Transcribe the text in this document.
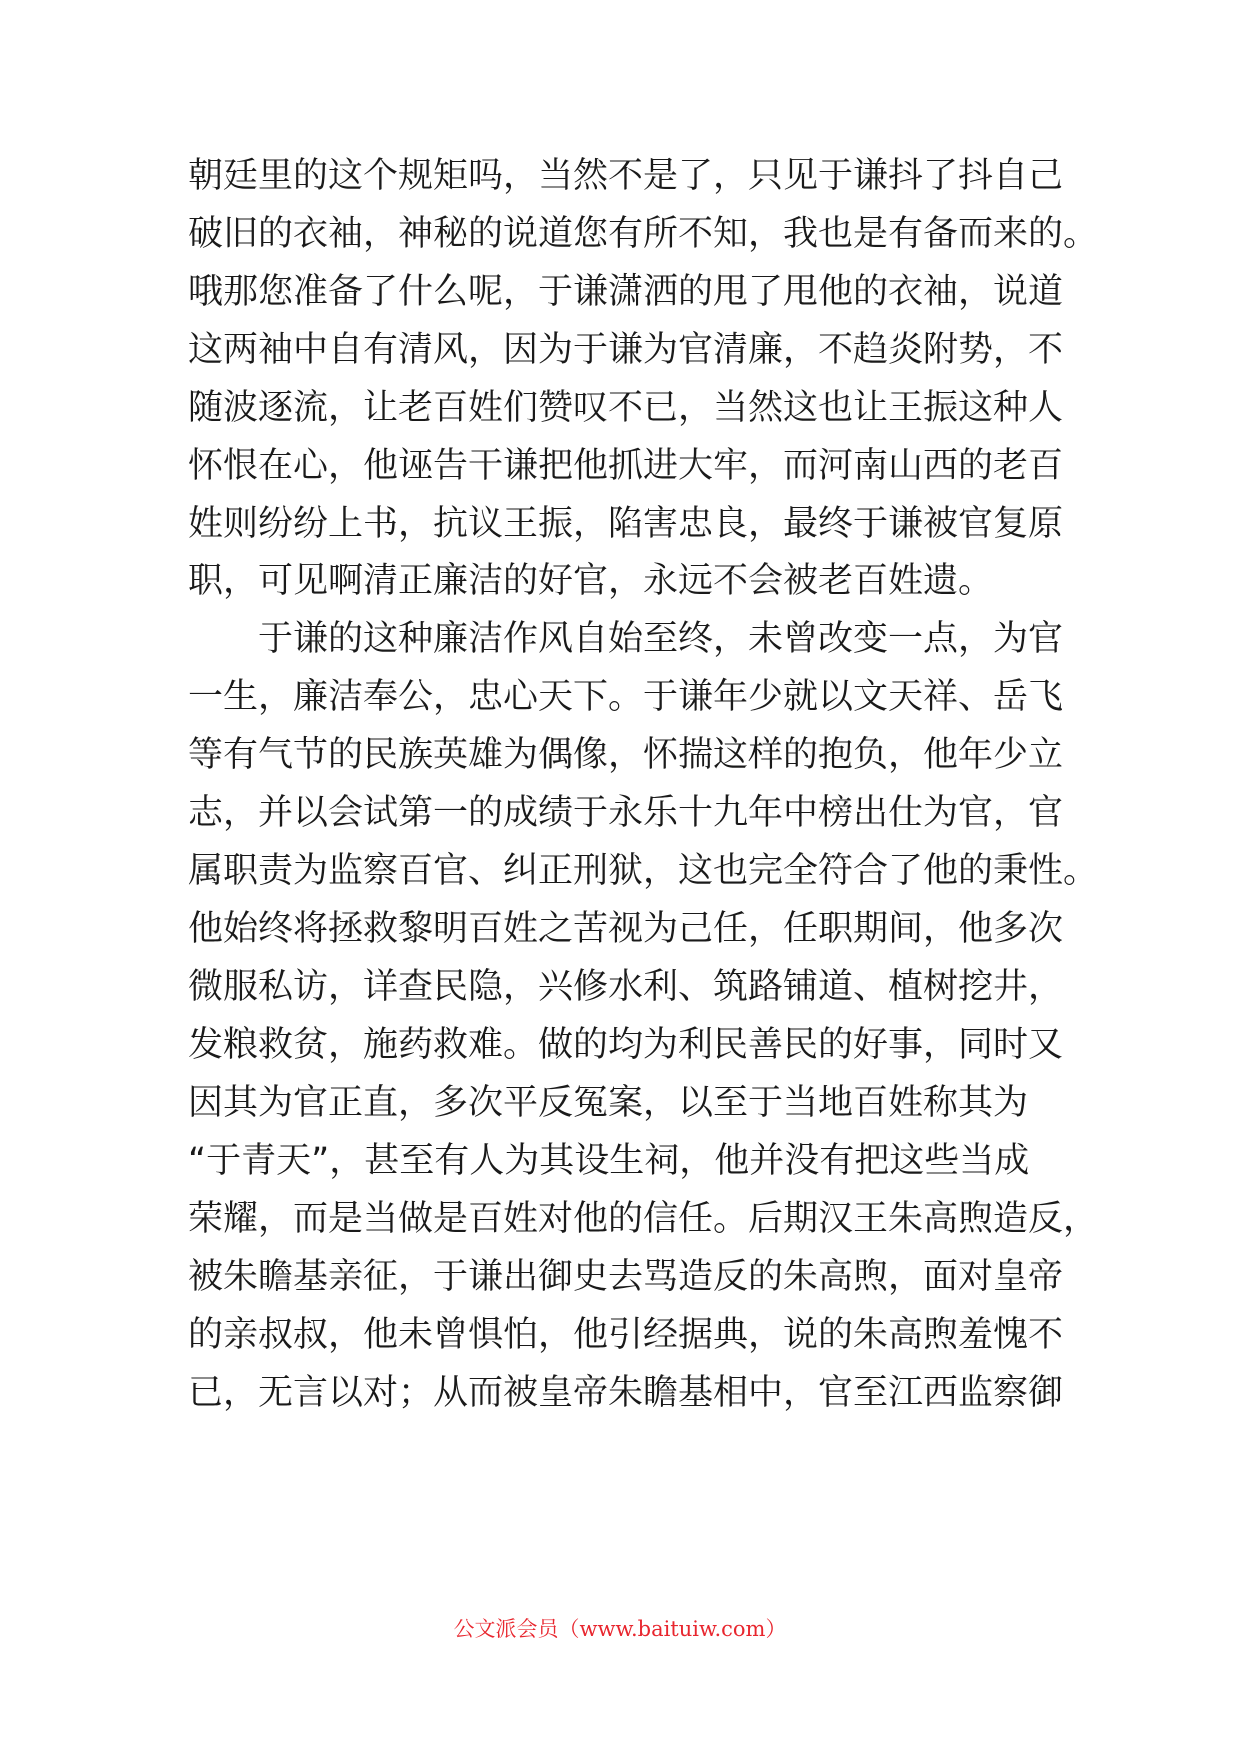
朝廷里的这个规矩吗，当然不是了，只见于谦抖了抖自己
破旧的衣袖，神秘的说道您有所不知，我也是有备而来的。
哦那您准备了什么呢，于谦潇洒的甩了甩他的衣袖，说道
这两袖中自有清风，因为于谦为官清廉，不趋炎附势，不
随波逐流，让老百姓们赞叹不已，当然这也让王振这种人
怀恨在心，他诬告干谦把他抓进大牢，而河南山西的老百
姓则纷纷上书，抗议王振，陷害忠良，最终于谦被官复原
职，可见啊清正廉洁的好官，永远不会被老百姓遗。
于谦的这种廉洁作风自始至终，未曾改变一点，为官
一生，廉洁奉公，忠心天下。于谦年少就以文天祥、岳飞
等有气节的民族英雄为偶像，怀揣这样的抱负，他年少立
志，并以会试第一的成绩于永乐十九年中榜出仕为官，官
属职责为监察百官、纠正刑狱，这也完全符合了他的秉性。
他始终将拯救黎明百姓之苦视为己任，任职期间，他多次
微服私访，详查民隐，兴修水利、筑路铺道、植树挖井，
发粮救贫，施药救难。做的均为利民善民的好事，同时又
因其为官正直，多次平反冤案，以至于当地百姓称其为
“于青天”，甚至有人为其设生祠，他并没有把这些当成
荣耀，而是当做是百姓对他的信任。后期汉王朱高煦造反，
被朱瞻基亲征，于谦出御史去骂造反的朱高煦，面对皇帝
的亲叔叔，他未曾惧怕，他引经据典，说的朱高煦羞愧不
已，无言以对；从而被皇帝朱瞻基相中，官至江西监察御
公文派会员（www.baituiw.com）
